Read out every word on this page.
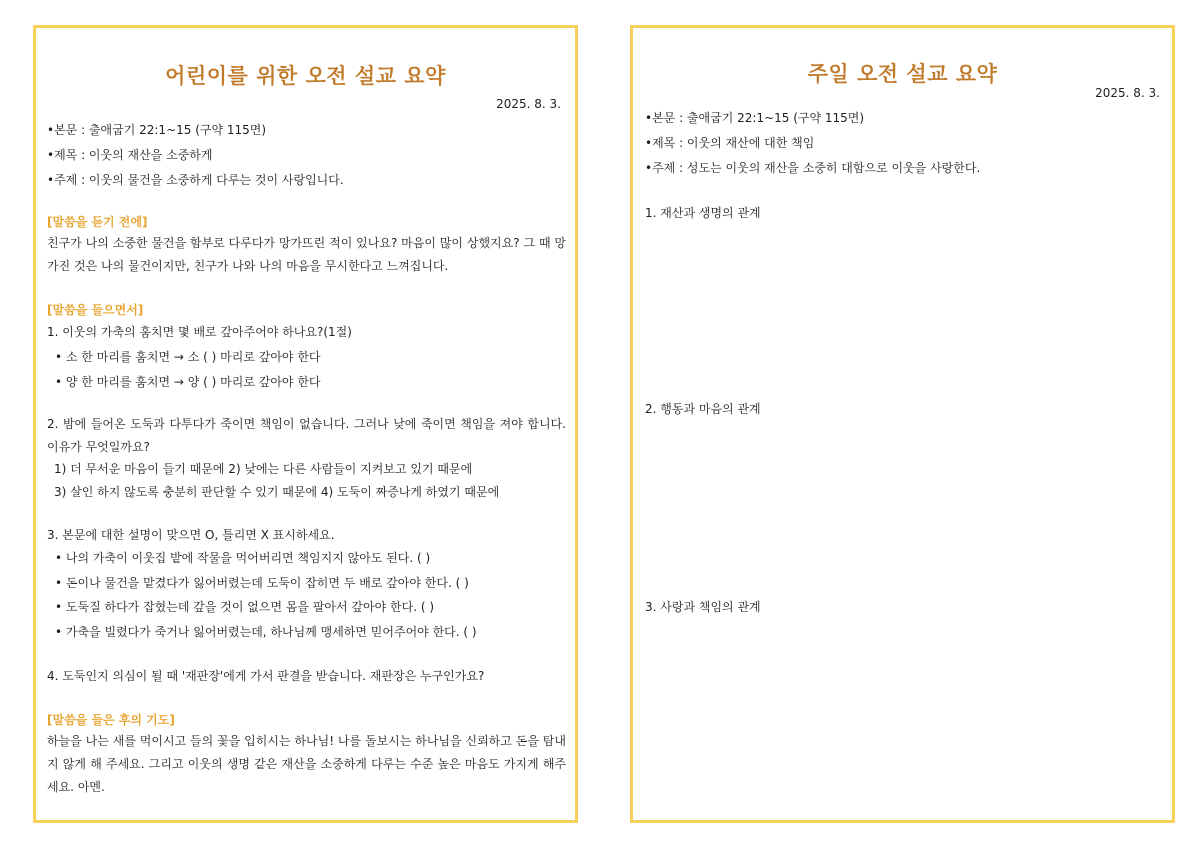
어린이를 위한 오전 설교 요약
2025. 8. 3.
•본문 : 출애굽기 22:1~15 (구약 115면)
•제목 : 이웃의 재산을 소중하게
•주제 : 이웃의 물건을 소중하게 다루는 것이 사랑입니다.
[말씀을 듣기 전에]
친구가 나의 소중한 물건을 함부로 다루다가 망가뜨린 적이 있나요? 마음이 많이 상했지요? 그 때 망가진 것은 나의 물건이지만, 친구가 나와 나의 마음을 무시한다고 느껴집니다.
[말씀을 들으면서]
1. 이웃의 가축의 훔치면 몇 배로 갚아주어야 하나요?(1절)
• 소 한 마리를 훔치면 → 소 ( ) 마리로 갚아야 한다
• 양 한 마리를 훔치면 → 양 ( ) 마리로 갚아야 한다
2. 밤에 들어온 도둑과 다투다가 죽이면 책임이 없습니다. 그러나 낮에 죽이면 책임을 져야 합니다. 이유가 무엇일까요?
1) 더 무서운 마음이 들기 때문에 2) 낮에는 다른 사람들이 지켜보고 있기 때문에
3) 살인 하지 않도록 충분히 판단할 수 있기 때문에 4) 도둑이 짜증나게 하였기 때문에
3. 본문에 대한 설명이 맞으면 O, 틀리면 X 표시하세요.
• 나의 가축이 이웃집 밭에 작물을 먹어버리면 책임지지 않아도 된다. ( )
• 돈이나 물건을 맡겼다가 잃어버렸는데 도둑이 잡히면 두 배로 갚아야 한다. ( )
• 도둑질 하다가 잡혔는데 갚을 것이 없으면 몸을 팔아서 갚아야 한다. ( )
• 가축을 빌렸다가 죽거나 잃어버렸는데, 하나님께 맹세하면 믿어주어야 한다. ( )
4. 도둑인지 의심이 될 때 '재판장'에게 가서 판결을 받습니다. 재판장은 누구인가요?
[말씀을 들은 후의 기도]
하늘을 나는 새를 먹이시고 들의 꽃을 입히시는 하나님! 나를 돌보시는 하나님을 신뢰하고 돈을 탐내지 않게 해 주세요. 그리고 이웃의 생명 같은 재산을 소중하게 다루는 수준 높은 마음도 가지게 해주세요. 아멘.
주일 오전 설교 요약
2025. 8. 3.
•본문 : 출애굽기 22:1~15 (구약 115면)
•제목 : 이웃의 재산에 대한 책임
•주제 : 성도는 이웃의 재산을 소중히 대함으로 이웃을 사랑한다.
1. 재산과 생명의 관계
2. 행동과 마음의 관계
3. 사랑과 책임의 관계
